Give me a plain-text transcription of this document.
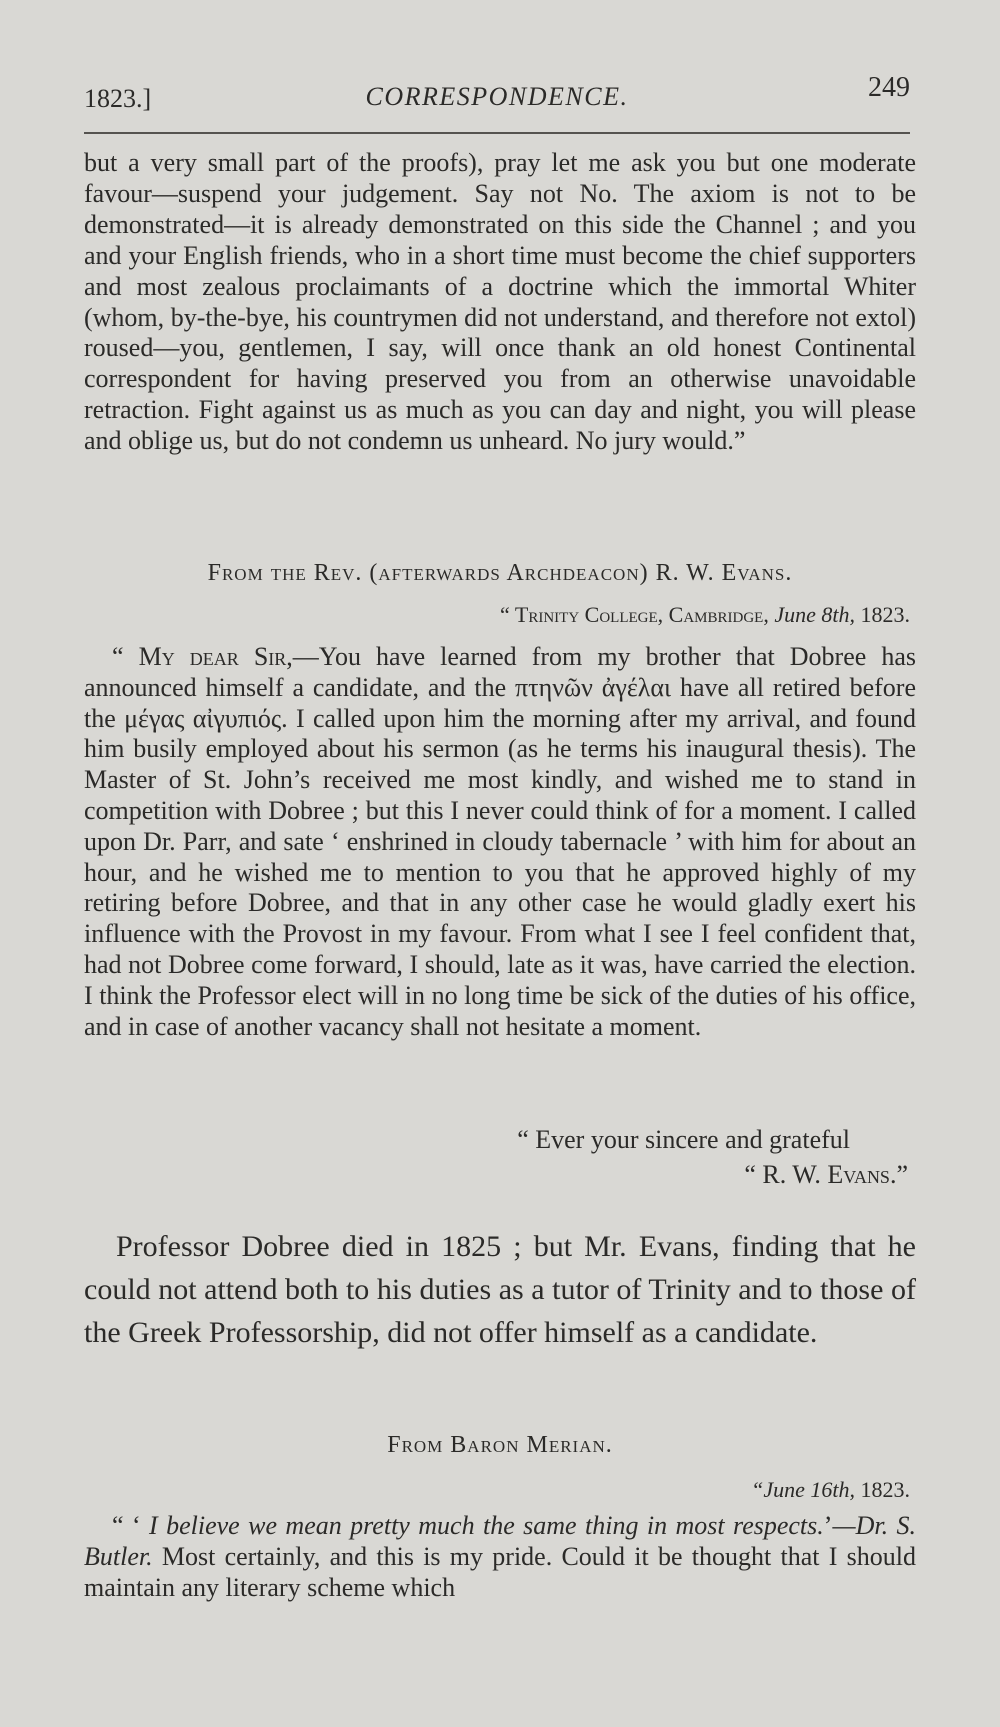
1823.]	CORRESPONDENCE.	249

but a very small part of the proofs), pray let me ask you but one moderate favour—suspend your judgement. Say not No. The axiom is not to be demonstrated—it is already demonstrated on this side the Channel ; and you and your English friends, who in a short time must become the chief supporters and most zealous proclaimants of a doctrine which the immortal Whiter (whom, by-the-bye, his countrymen did not understand, and therefore not extol) roused—you, gentlemen, I say, will once thank an old honest Continental correspondent for having preserved you from an otherwise unavoidable retraction. Fight against us as much as you can day and night, you will please and oblige us, but do not condemn us unheard. No jury would.”

From the Rev. (afterwards Archdeacon) R. W. Evans.
“ Trinity College, Cambridge, June 8th, 1823.

“ My dear Sir,—You have learned from my brother that Dobree has announced himself a candidate, and the πτηνῶν ἀγέλαι have all retired before the μέγας αἰγυπιός. I called upon him the morning after my arrival, and found him busily employed about his sermon (as he terms his inaugural thesis). The Master of St. John’s received me most kindly, and wished me to stand in competition with Dobree ; but this I never could think of for a moment. I called upon Dr. Parr, and sate ‘ enshrined in cloudy tabernacle ’ with him for about an hour, and he wished me to mention to you that he approved highly of my retiring before Dobree, and that in any other case he would gladly exert his influence with the Provost in my favour. From what I see I feel confident that, had not Dobree come forward, I should, late as it was, have carried the election. I think the Professor elect will in no long time be sick of the duties of his office, and in case of another vacancy shall not hesitate a moment.

“ Ever your sincere and grateful
“ R. W. Evans.”

Professor Dobree died in 1825 ; but Mr. Evans, finding that he could not attend both to his duties as a tutor of Trinity and to those of the Greek Professorship, did not offer himself as a candidate.

From Baron Merian.
“June 16th, 1823.

“ ‘ I believe we mean pretty much the same thing in most respects.’—Dr. S. Butler. Most certainly, and this is my pride. Could it be thought that I should maintain any literary scheme which
